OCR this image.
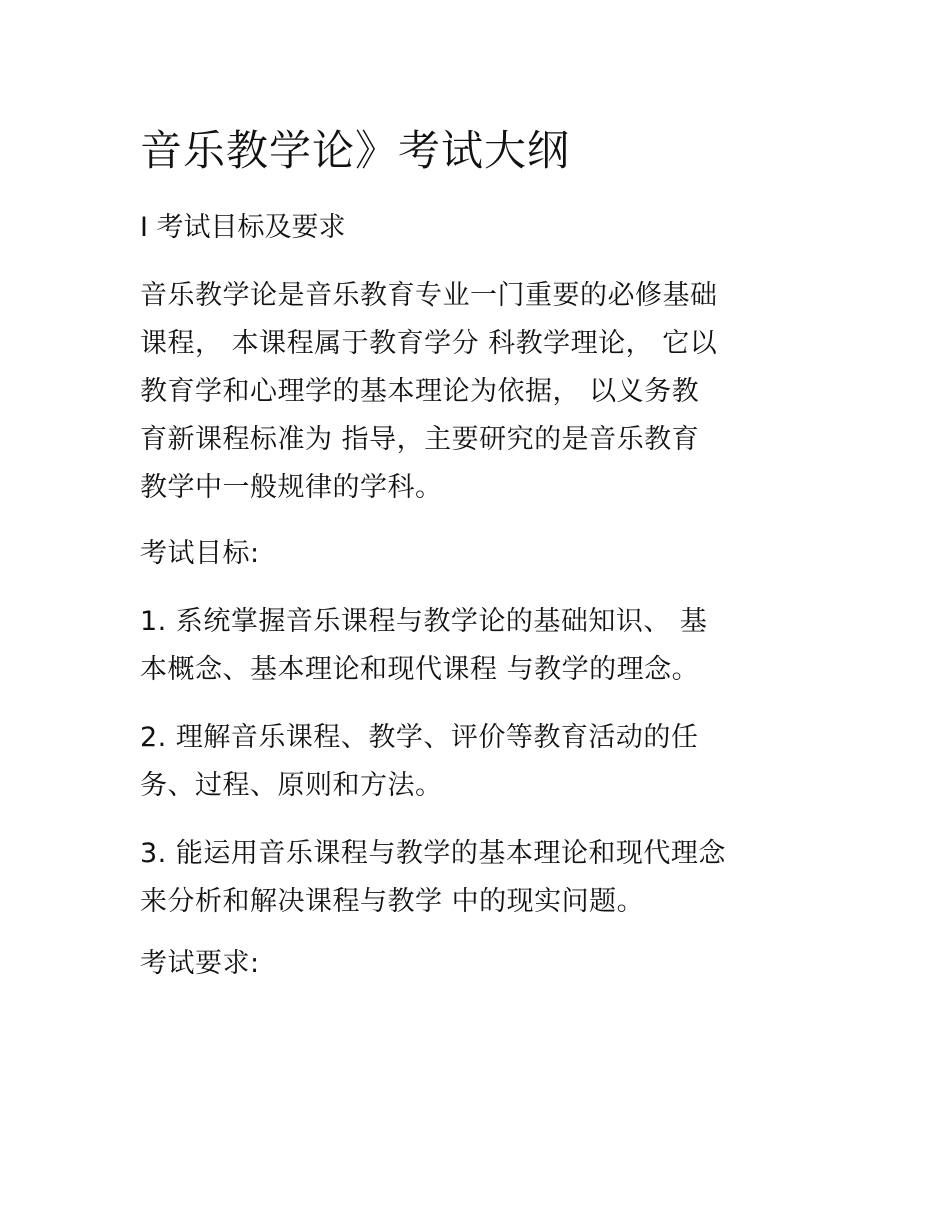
音乐教学论》考试大纲
I 考试目标及要求

音乐教学论是音乐教育专业一门重要的必修基础
课程， 本课程属于教育学分 科教学理论， 它以
教育学和心理学的基本理论为依据， 以义务教
育新课程标准为 指导，主要研究的是音乐教育
教学中一般规律的学科。

考试目标:

1. 系统掌握音乐课程与教学论的基础知识、 基
本概念、基本理论和现代课程 与教学的理念。

2. 理解音乐课程、教学、评价等教育活动的任
务、过程、原则和方法。

3. 能运用音乐课程与教学的基本理论和现代理念
来分析和解决课程与教学 中的现实问题。

考试要求:
